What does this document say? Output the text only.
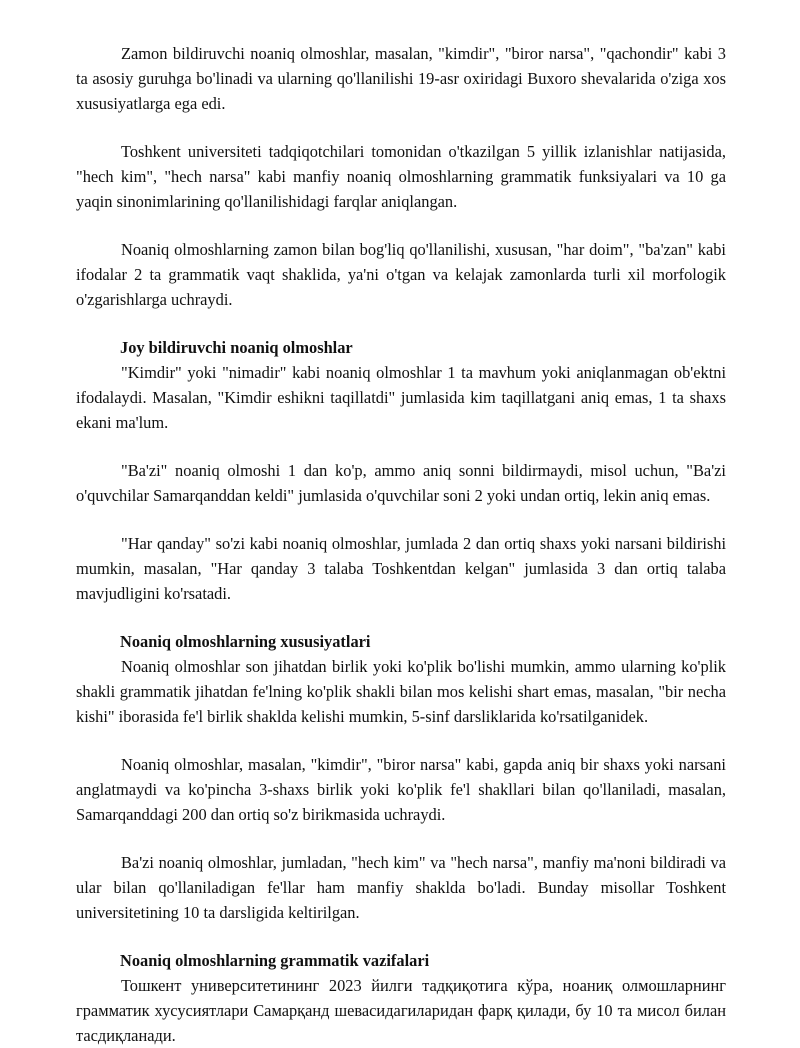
Zamon bildiruvchi noaniq olmoshlar, masalan, "kimdir", "biror narsa", "qachondir" kabi 3 ta asosiy guruhga bo'linadi va ularning qo'llanilishi 19-asr oxiridagi Buxoro shevalarida o'ziga xos xususiyatlarga ega edi.

Toshkent universiteti tadqiqotchilari tomonidan o'tkazilgan 5 yillik izlanishlar natijasida, "hech kim", "hech narsa" kabi manfiy noaniq olmoshlarning grammatik funksiyalari va 10 ga yaqin sinonimlarining qo'llanilishidagi farqlar aniqlangan.

Noaniq olmoshlarning zamon bilan bog'liq qo'llanilishi, xususan, "har doim", "ba'zan" kabi ifodalar 2 ta grammatik vaqt shaklida, ya'ni o'tgan va kelajak zamonlarda turli xil morfologik o'zgarishlarga uchraydi.

Joy bildiruvchi noaniq olmoshlar

"Kimdir" yoki "nimadir" kabi noaniq olmoshlar 1 ta mavhum yoki aniqlanmagan ob'ektni ifodalaydi. Masalan, "Kimdir eshikni taqillatdi" jumlasida kim taqillatgani aniq emas, 1 ta shaxs ekani ma'lum.

"Ba'zi" noaniq olmoshi 1 dan ko'p, ammo aniq sonni bildirmaydi, misol uchun, "Ba'zi o'quvchilar Samarqanddan keldi" jumlasida o'quvchilar soni 2 yoki undan ortiq, lekin aniq emas.

"Har qanday" so'zi kabi noaniq olmoshlar, jumlada 2 dan ortiq shaxs yoki narsani bildirishi mumkin, masalan, "Har qanday 3 talaba Toshkentdan kelgan" jumlasida 3 dan ortiq talaba mavjudligini ko'rsatadi.

Noaniq olmoshlarning xususiyatlari

Noaniq olmoshlar son jihatdan birlik yoki ko'plik bo'lishi mumkin, ammo ularning ko'plik shakli grammatik jihatdan fe'lning ko'plik shakli bilan mos kelishi shart emas, masalan, "bir necha kishi" iborasida fe'l birlik shaklda kelishi mumkin, 5-sinf darsliklarida ko'rsatilganidek.

Noaniq olmoshlar, masalan, "kimdir", "biror narsa" kabi, gapda aniq bir shaxs yoki narsani anglatmaydi va ko'pincha 3-shaxs birlik yoki ko'plik fe'l shakllari bilan qo'llaniladi, masalan, Samarqanddagi 200 dan ortiq so'z birikmasida uchraydi.

Ba'zi noaniq olmoshlar, jumladan, "hech kim" va "hech narsa", manfiy ma'noni bildiradi va ular bilan qo'llaniladigan fe'llar ham manfiy shaklda bo'ladi. Bunday misollar Toshkent universitetining 10 ta darsligida keltirilgan.

Noaniq olmoshlarning grammatik vazifalari

Тошкент университетининг 2023 йилги тадқиқотига кўра, ноаниқ олмошларнинг грамматик хусусиятлари Самарқанд шевасидагиларидан фарқ қилади, бу 10 та мисол билан тасдиқланади.
